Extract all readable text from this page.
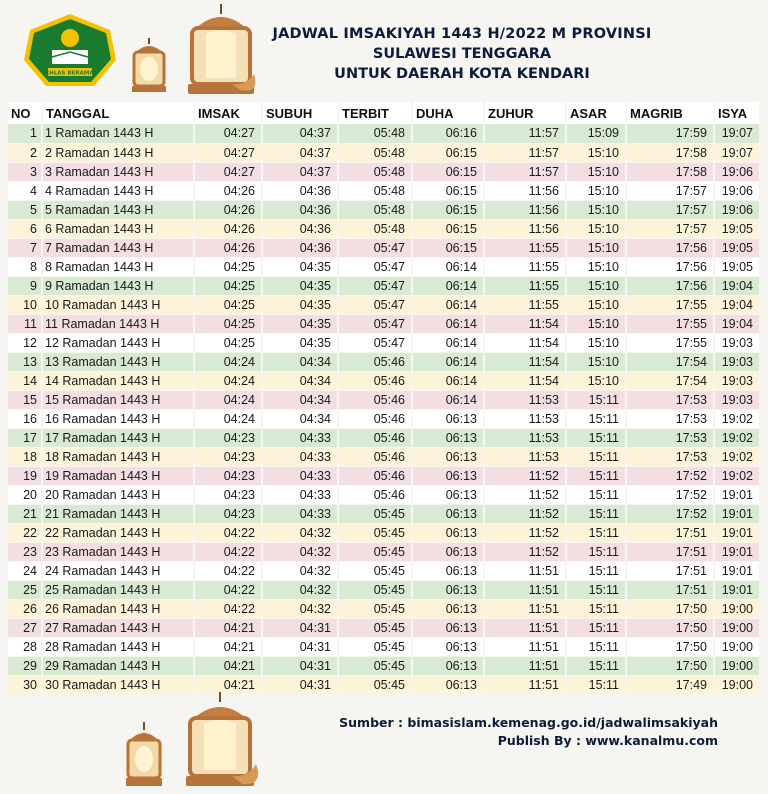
IKHLAS BERAMAL
JADWAL IMSAKIYAH 1443 H/2022 M PROVINSI
SULAWESI TENGGARA
UNTUK DAERAH KOTA KENDARI
NO	TANGGAL	IMSAK	SUBUH	TERBIT	DUHA	ZUHUR	ASAR	MAGRIB	ISYA
1	1 Ramadan 1443 H	04:27	04:37	05:48	06:16	11:57	15:09	17:59	19:07
2	2 Ramadan 1443 H	04:27	04:37	05:48	06:15	11:57	15:10	17:58	19:07
3	3 Ramadan 1443 H	04:27	04:37	05:48	06:15	11:57	15:10	17:58	19:06
4	4 Ramadan 1443 H	04:26	04:36	05:48	06:15	11:56	15:10	17:57	19:06
5	5 Ramadan 1443 H	04:26	04:36	05:48	06:15	11:56	15:10	17:57	19:06
6	6 Ramadan 1443 H	04:26	04:36	05:48	06:15	11:56	15:10	17:57	19:05
7	7 Ramadan 1443 H	04:26	04:36	05:47	06:15	11:55	15:10	17:56	19:05
8	8 Ramadan 1443 H	04:25	04:35	05:47	06:14	11:55	15:10	17:56	19:05
9	9 Ramadan 1443 H	04:25	04:35	05:47	06:14	11:55	15:10	17:56	19:04
10	10 Ramadan 1443 H	04:25	04:35	05:47	06:14	11:55	15:10	17:55	19:04
11	11 Ramadan 1443 H	04:25	04:35	05:47	06:14	11:54	15:10	17:55	19:04
12	12 Ramadan 1443 H	04:25	04:35	05:47	06:14	11:54	15:10	17:55	19:03
13	13 Ramadan 1443 H	04:24	04:34	05:46	06:14	11:54	15:10	17:54	19:03
14	14 Ramadan 1443 H	04:24	04:34	05:46	06:14	11:54	15:10	17:54	19:03
15	15 Ramadan 1443 H	04:24	04:34	05:46	06:14	11:53	15:11	17:53	19:03
16	16 Ramadan 1443 H	04:24	04:34	05:46	06:13	11:53	15:11	17:53	19:02
17	17 Ramadan 1443 H	04:23	04:33	05:46	06:13	11:53	15:11	17:53	19:02
18	18 Ramadan 1443 H	04:23	04:33	05:46	06:13	11:53	15:11	17:53	19:02
19	19 Ramadan 1443 H	04:23	04:33	05:46	06:13	11:52	15:11	17:52	19:02
20	20 Ramadan 1443 H	04:23	04:33	05:46	06:13	11:52	15:11	17:52	19:01
21	21 Ramadan 1443 H	04:23	04:33	05:45	06:13	11:52	15:11	17:52	19:01
22	22 Ramadan 1443 H	04:22	04:32	05:45	06:13	11:52	15:11	17:51	19:01
23	23 Ramadan 1443 H	04:22	04:32	05:45	06:13	11:52	15:11	17:51	19:01
24	24 Ramadan 1443 H	04:22	04:32	05:45	06:13	11:51	15:11	17:51	19:01
25	25 Ramadan 1443 H	04:22	04:32	05:45	06:13	11:51	15:11	17:51	19:01
26	26 Ramadan 1443 H	04:22	04:32	05:45	06:13	11:51	15:11	17:50	19:00
27	27 Ramadan 1443 H	04:21	04:31	05:45	06:13	11:51	15:11	17:50	19:00
28	28 Ramadan 1443 H	04:21	04:31	05:45	06:13	11:51	15:11	17:50	19:00
29	29 Ramadan 1443 H	04:21	04:31	05:45	06:13	11:51	15:11	17:50	19:00
30	30 Ramadan 1443 H	04:21	04:31	05:45	06:13	11:51	15:11	17:49	19:00
Sumber : bimasislam.kemenag.go.id/jadwalimsakiyah
Publish By : www.kanalmu.com
